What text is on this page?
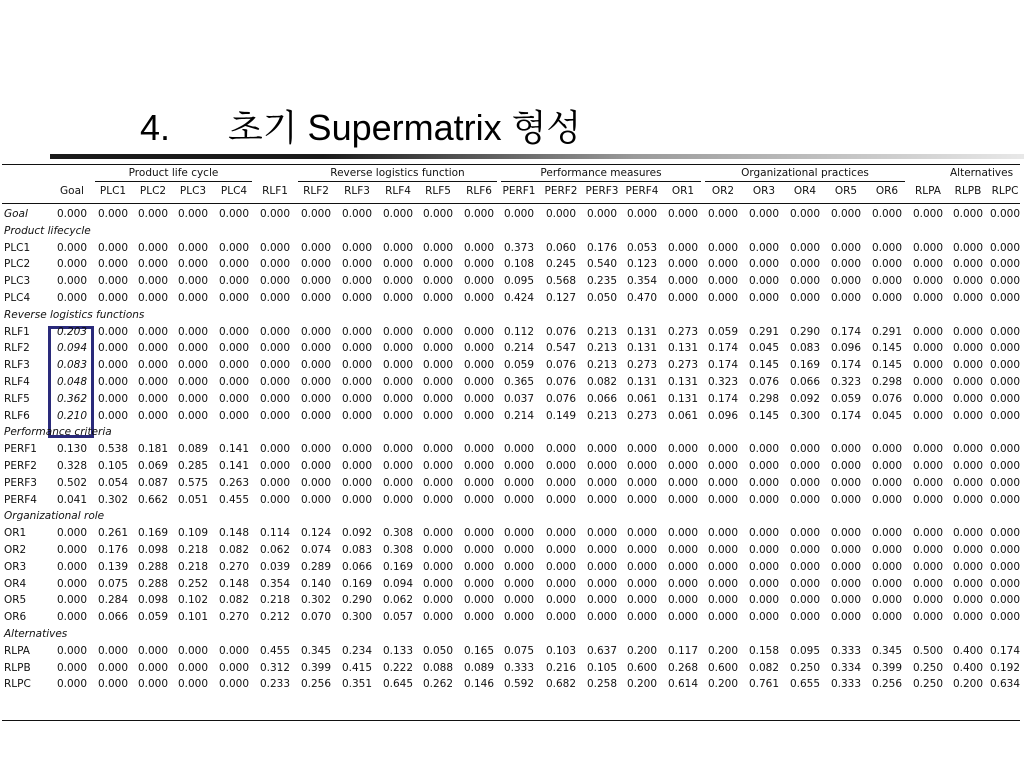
4. 초기 Supermatrix 형성
Product life cycle	Reverse logistics function	Performance measures	Organizational practices	Alternatives
Goal	PLC1	PLC2	PLC3	PLC4	RLF1	RLF2	RLF3	RLF4	RLF5	RLF6	PERF1 PERF2 PERF3 PERF4	OR1	OR2	OR3	OR4	OR5	OR6	RLPA	RLPB RLPC
Goal	0.000	0.000 0.000 0.000	0.000	0.000	0.000	0.000	0.000 0.000	0.000 0.000	0.000	0.000 0.000	0.000 0.000	0.000	0.000	0.000	0.000	0.000 0.000 0.000
Product lifecycle
PLC1	0.000	0.000 0.000 0.000	0.000	0.000	0.000	0.000	0.000 0.000	0.000 0.373	0.060	0.176 0.053	0.000 0.000	0.000	0.000	0.000	0.000	0.000 0.000 0.000
PLC2	0.000	0.000 0.000 0.000	0.000	0.000	0.000	0.000	0.000 0.000	0.000 0.108	0.245	0.540 0.123	0.000 0.000	0.000	0.000	0.000	0.000	0.000 0.000 0.000
PLC3	0.000	0.000 0.000 0.000	0.000	0.000	0.000	0.000	0.000 0.000	0.000 0.095	0.568	0.235 0.354	0.000 0.000	0.000	0.000	0.000	0.000	0.000 0.000 0.000
PLC4	0.000	0.000 0.000 0.000	0.000	0.000	0.000	0.000	0.000 0.000	0.000 0.424	0.127	0.050 0.470	0.000 0.000	0.000	0.000	0.000	0.000	0.000 0.000 0.000
Reverse logistics functions
RLF1	0.203	0.000 0.000 0.000	0.000	0.000	0.000	0.000	0.000 0.000	0.000 0.112	0.076	0.213 0.131	0.273 0.059	0.291	0.290	0.174	0.291	0.000 0.000 0.000
RLF2	0.094	0.000 0.000 0.000	0.000	0.000	0.000	0.000	0.000 0.000	0.000 0.214	0.547	0.213 0.131	0.131 0.174	0.045	0.083	0.096	0.145	0.000 0.000 0.000
RLF3	0.083	0.000 0.000 0.000	0.000	0.000	0.000	0.000	0.000 0.000	0.000 0.059	0.076	0.213 0.273	0.273 0.174	0.145	0.169	0.174	0.145	0.000 0.000 0.000
RLF4	0.048	0.000 0.000 0.000	0.000	0.000	0.000	0.000	0.000 0.000	0.000 0.365	0.076	0.082 0.131	0.131 0.323	0.076	0.066	0.323	0.298	0.000 0.000 0.000
RLF5	0.362	0.000 0.000 0.000	0.000	0.000	0.000	0.000	0.000 0.000	0.000 0.037	0.076	0.066 0.061	0.131 0.174	0.298	0.092	0.059	0.076	0.000 0.000 0.000
RLF6	0.210	0.000 0.000 0.000	0.000	0.000	0.000	0.000	0.000 0.000	0.000 0.214	0.149	0.213 0.273	0.061 0.096	0.145	0.300	0.174	0.045	0.000 0.000 0.000
Performance criteria
PERF1	0.130	0.538 0.181 0.089	0.141	0.000	0.000	0.000	0.000 0.000	0.000 0.000	0.000	0.000 0.000	0.000 0.000	0.000	0.000	0.000	0.000	0.000 0.000 0.000
PERF2	0.328	0.105 0.069 0.285	0.141	0.000	0.000	0.000	0.000 0.000	0.000 0.000	0.000	0.000 0.000	0.000 0.000	0.000	0.000	0.000	0.000	0.000 0.000 0.000
PERF3	0.502	0.054 0.087 0.575	0.263	0.000	0.000	0.000	0.000 0.000	0.000 0.000	0.000	0.000 0.000	0.000 0.000	0.000	0.000	0.000	0.000	0.000 0.000 0.000
PERF4	0.041	0.302 0.662 0.051	0.455	0.000	0.000	0.000	0.000 0.000	0.000 0.000	0.000	0.000 0.000	0.000 0.000	0.000	0.000	0.000	0.000	0.000 0.000 0.000
Organizational role
OR1	0.000	0.261 0.169 0.109	0.148	0.114	0.124	0.092	0.308 0.000	0.000 0.000	0.000	0.000 0.000	0.000 0.000	0.000	0.000	0.000	0.000	0.000 0.000 0.000
OR2	0.000	0.176 0.098 0.218	0.082	0.062	0.074	0.083	0.308 0.000	0.000 0.000	0.000	0.000 0.000	0.000 0.000	0.000	0.000	0.000	0.000	0.000 0.000 0.000
OR3	0.000	0.139 0.288 0.218	0.270	0.039	0.289	0.066	0.169 0.000	0.000 0.000	0.000	0.000 0.000	0.000 0.000	0.000	0.000	0.000	0.000	0.000 0.000 0.000
OR4	0.000	0.075 0.288 0.252	0.148	0.354	0.140	0.169	0.094 0.000	0.000 0.000	0.000	0.000 0.000	0.000 0.000	0.000	0.000	0.000	0.000	0.000 0.000 0.000
OR5	0.000	0.284 0.098 0.102	0.082	0.218	0.302	0.290	0.062 0.000	0.000 0.000	0.000	0.000 0.000	0.000 0.000	0.000	0.000	0.000	0.000	0.000 0.000 0.000
OR6	0.000	0.066 0.059 0.101	0.270	0.212	0.070	0.300	0.057 0.000	0.000 0.000	0.000	0.000 0.000	0.000 0.000	0.000	0.000	0.000	0.000	0.000 0.000 0.000
Alternatives
RLPA	0.000	0.000 0.000 0.000	0.000	0.455	0.345	0.234	0.133 0.050	0.165 0.075	0.103	0.637 0.200	0.117 0.200	0.158	0.095	0.333	0.345	0.500 0.400 0.174
RLPB	0.000	0.000 0.000 0.000	0.000	0.312	0.399	0.415	0.222 0.088	0.089 0.333	0.216	0.105 0.600	0.268 0.600	0.082	0.250	0.334	0.399	0.250 0.400 0.192
RLPC	0.000	0.000 0.000 0.000	0.000	0.233	0.256	0.351	0.645 0.262	0.146 0.592	0.682	0.258 0.200	0.614 0.200	0.761	0.655	0.333	0.256	0.250 0.200 0.634
